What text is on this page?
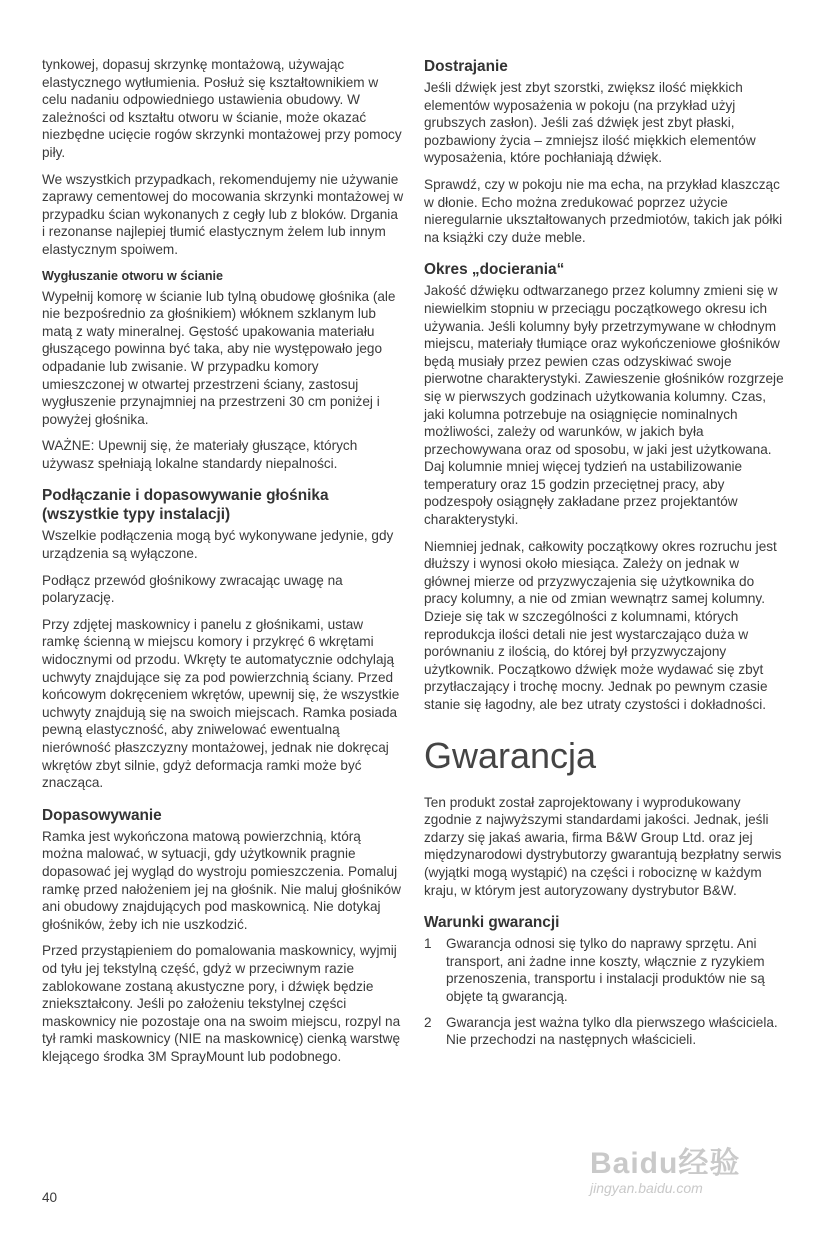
tynkowej, dopasuj skrzynkę montażową, używając elastycznego wytłumienia. Posłuż się kształtownikiem w celu nadaniu odpowiedniego ustawienia obudowy. W zależności od kształtu otworu w ścianie, może okazać niezbędne ucięcie rogów skrzynki montażowej przy pomocy piły.

We wszystkich przypadkach, rekomendujemy nie używanie zaprawy cementowej do mocowania skrzynki montażowej w przypadku ścian wykonanych z cegły lub z bloków. Drgania i rezonanse najlepiej tłumić elastycznym żelem lub innym elastycznym spoiwem.

Wygłuszanie otworu w ścianie

Wypełnij komorę w ścianie lub tylną obudowę głośnika (ale nie bezpośrednio za głośnikiem) włóknem szklanym lub matą z waty mineralnej. Gęstość upakowania materiału głuszącego powinna być taka, aby nie występowało jego odpadanie lub zwisanie. W przypadku komory umieszczonej w otwartej przestrzeni ściany, zastosuj wygłuszenie przynajmniej na przestrzeni 30 cm poniżej i powyżej głośnika.

WAŻNE: Upewnij się, że materiały głuszące, których używasz spełniają lokalne standardy niepalności.

Podłączanie i dopasowywanie głośnika (wszystkie typy instalacji)

Wszelkie podłączenia mogą być wykonywane jedynie, gdy urządzenia są wyłączone.

Podłącz przewód głośnikowy zwracając uwagę na polaryzację.

Przy zdjętej maskownicy i panelu z głośnikami, ustaw ramkę ścienną w miejscu komory i przykręć 6 wkrętami widocznymi od przodu. Wkręty te automatycznie odchylają uchwyty znajdujące się za pod powierzchnią ściany. Przed końcowym dokręceniem wkrętów, upewnij się, że wszystkie uchwyty znajdują się na swoich miejscach. Ramka posiada pewną elastyczność, aby zniwelować ewentualną nierówność płaszczyzny montażowej, jednak nie dokręcaj wkrętów zbyt silnie, gdyż deformacja ramki może być znacząca.

Dopasowywanie

Ramka jest wykończona matową powierzchnią, którą można malować, w sytuacji, gdy użytkownik pragnie dopasować jej wygląd do wystroju pomieszczenia. Pomaluj ramkę przed nałożeniem jej na głośnik. Nie maluj głośników ani obudowy znajdujących pod maskownicą. Nie dotykaj głośników, żeby ich nie uszkodzić.

Przed przystąpieniem do pomalowania maskownicy, wyjmij od tyłu jej tekstylną część, gdyż w przeciwnym razie zablokowane zostaną akustyczne pory, i dźwięk będzie zniekształcony. Jeśli po założeniu tekstylnej części maskownicy nie pozostaje ona na swoim miejscu, rozpyl na tył ramki maskownicy (NIE na maskownicę) cienką warstwę klejącego środka 3M SprayMount lub podobnego.

Dostrajanie

Jeśli dźwięk jest zbyt szorstki, zwiększ ilość miękkich elementów wyposażenia w pokoju (na przykład użyj grubszych zasłon). Jeśli zaś dźwięk jest zbyt płaski, pozbawiony życia – zmniejsz ilość miękkich elementów wyposażenia, które pochłaniają dźwięk.

Sprawdź, czy w pokoju nie ma echa, na przykład klaszcząc w dłonie. Echo można zredukować poprzez użycie nieregularnie ukształtowanych przedmiotów, takich jak półki na książki czy duże meble.

Okres „docierania“

Jakość dźwięku odtwarzanego przez kolumny zmieni się w niewielkim stopniu w przeciągu początkowego okresu ich używania. Jeśli kolumny były przetrzymywane w chłodnym miejscu, materiały tłumiące oraz wykończeniowe głośników będą musiały przez pewien czas odzyskiwać swoje pierwotne charakterystyki. Zawieszenie głośników rozgrzeje się w pierwszych godzinach użytkowania kolumny. Czas, jaki kolumna potrzebuje na osiągnięcie nominalnych możliwości, zależy od warunków, w jakich była przechowywana oraz od sposobu, w jaki jest użytkowana. Daj kolumnie mniej więcej tydzień na ustabilizowanie temperatury oraz 15 godzin przeciętnej pracy, aby podzespoły osiągnęły zakładane przez projektantów charakterystyki.

Niemniej jednak, całkowity początkowy okres rozruchu jest dłuższy i wynosi około miesiąca. Zależy on jednak w głównej mierze od przyzwyczajenia się użytkownika do pracy kolumny, a nie od zmian wewnątrz samej kolumny. Dzieje się tak w szczególności z kolumnami, których reprodukcja ilości detali nie jest wystarczająco duża w porównaniu z ilością, do której był przyzwyczajony użytkownik. Początkowo dźwięk może wydawać się zbyt przytłaczający i trochę mocny. Jednak po pewnym czasie stanie się łagodny, ale bez utraty czystości i dokładności.

Gwarancja

Ten produkt został zaprojektowany i wyprodukowany zgodnie z najwyższymi standardami jakości. Jednak, jeśli zdarzy się jakaś awaria, firma B&W Group Ltd. oraz jej międzynarodowi dystrybutorzy gwarantują bezpłatny serwis (wyjątki mogą wystąpić) na części i robociznę w każdym kraju, w którym jest autoryzowany dystrybutor B&W.

Warunki gwarancji
1	Gwarancja odnosi się tylko do naprawy sprzętu. Ani transport, ani żadne inne koszty, włącznie z ryzykiem przenoszenia, transportu i instalacji produktów nie są objęte tą gwarancją.
2	Gwarancja jest ważna tylko dla pierwszego właściciela. Nie przechodzi na następnych właścicieli.
40
Baidu经验
jingyan.baidu.com
